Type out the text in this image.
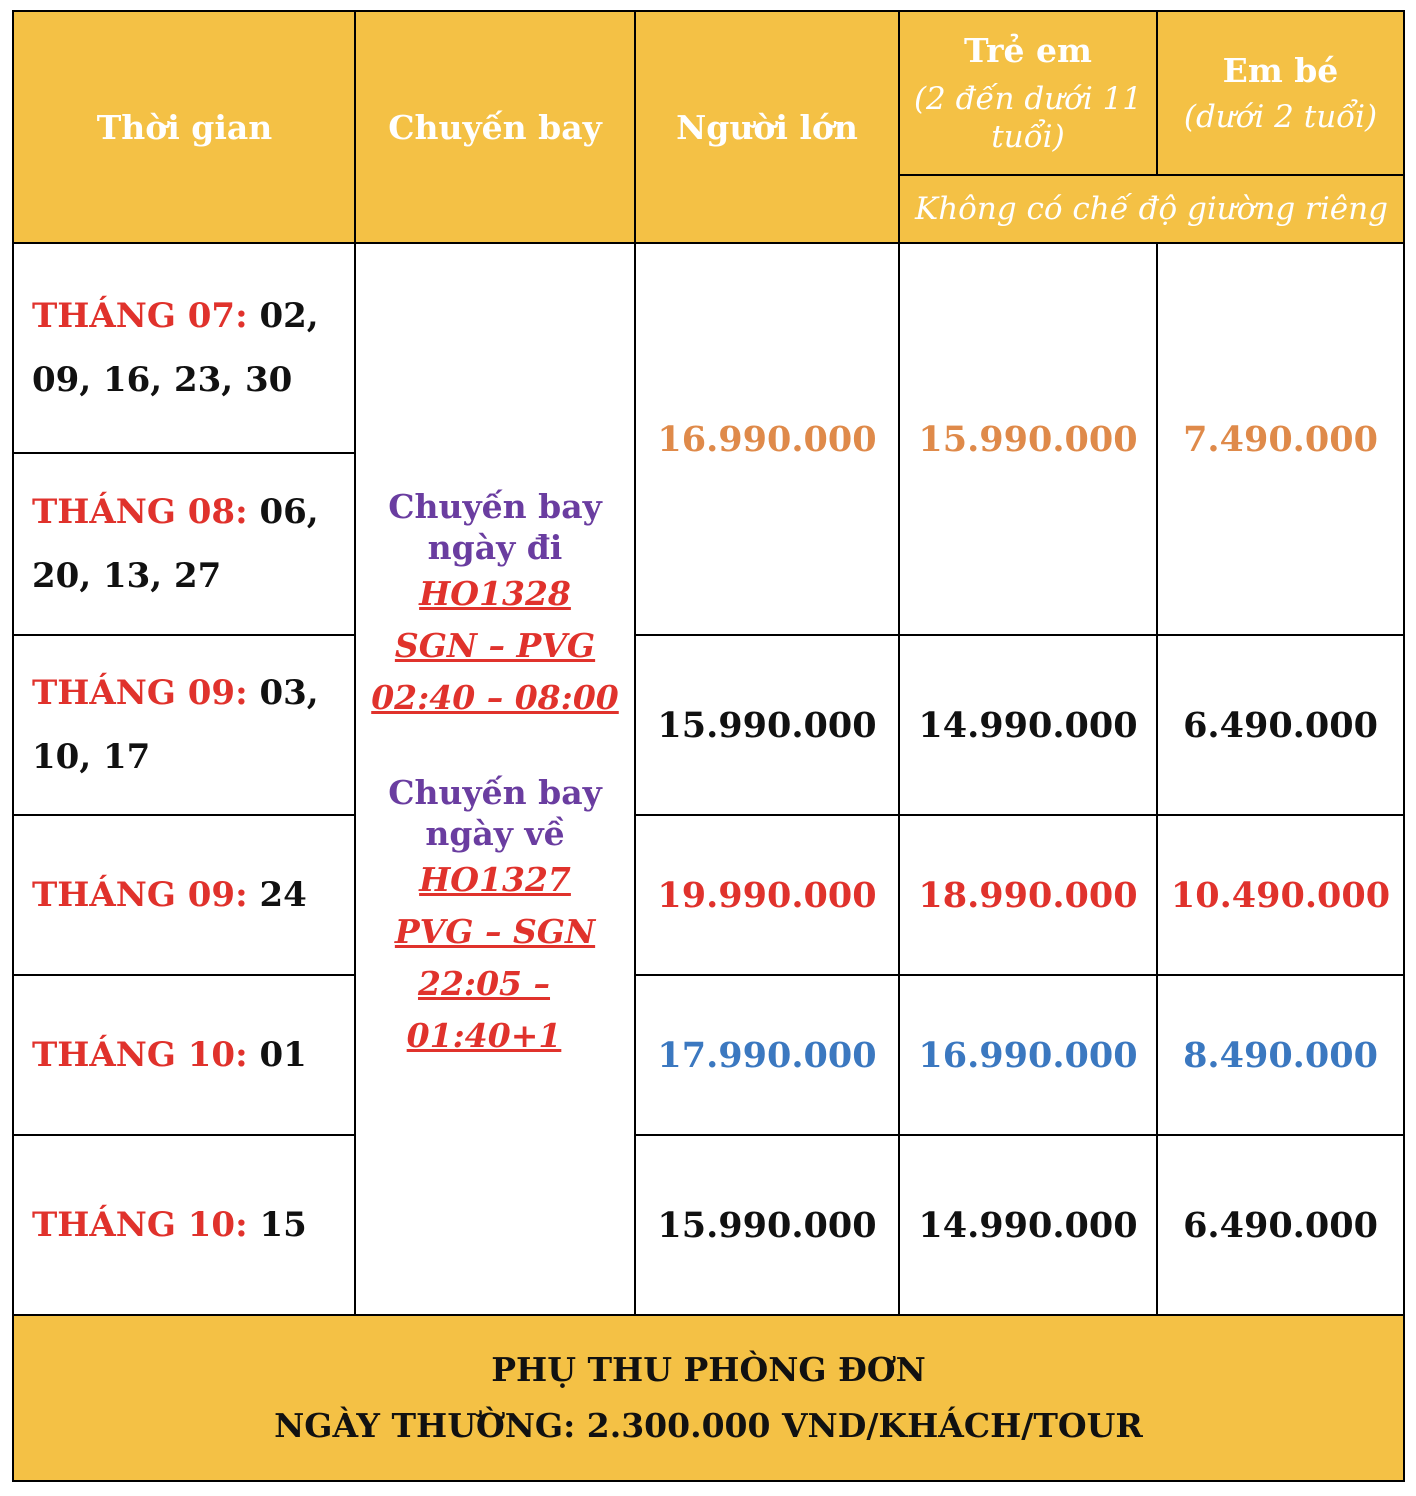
Thời gian	Chuyến bay Người lớn
Trẻ em
(2 đến dưới 11 tuổi)
Em bé
(dưới 2 tuổi)
Không có chế độ giường riêng
THÁNG 07: 02, 09, 16, 23, 30
THÁNG 08: 06, 20, 13, 27
THÁNG 09: 03, 10, 17
THÁNG 09: 24
THÁNG 10: 01
THÁNG 10: 15
Chuyến bay
ngày đi
HO1328
SGN – PVG
02:40 – 08:00
Chuyến bay
ngày về
HO1327
PVG – SGN
22:05 – 01:40+1
16.990.000 15.990.000 7.490.000
15.990.000 14.990.000 6.490.000
19.990.000 18.990.000 10.490.000
17.990.000 16.990.000 8.490.000
15.990.000 14.990.000 6.490.000
PHỤ THU PHÒNG ĐƠN
NGÀY THƯỜNG: 2.300.000 VND/KHÁCH/TOUR
